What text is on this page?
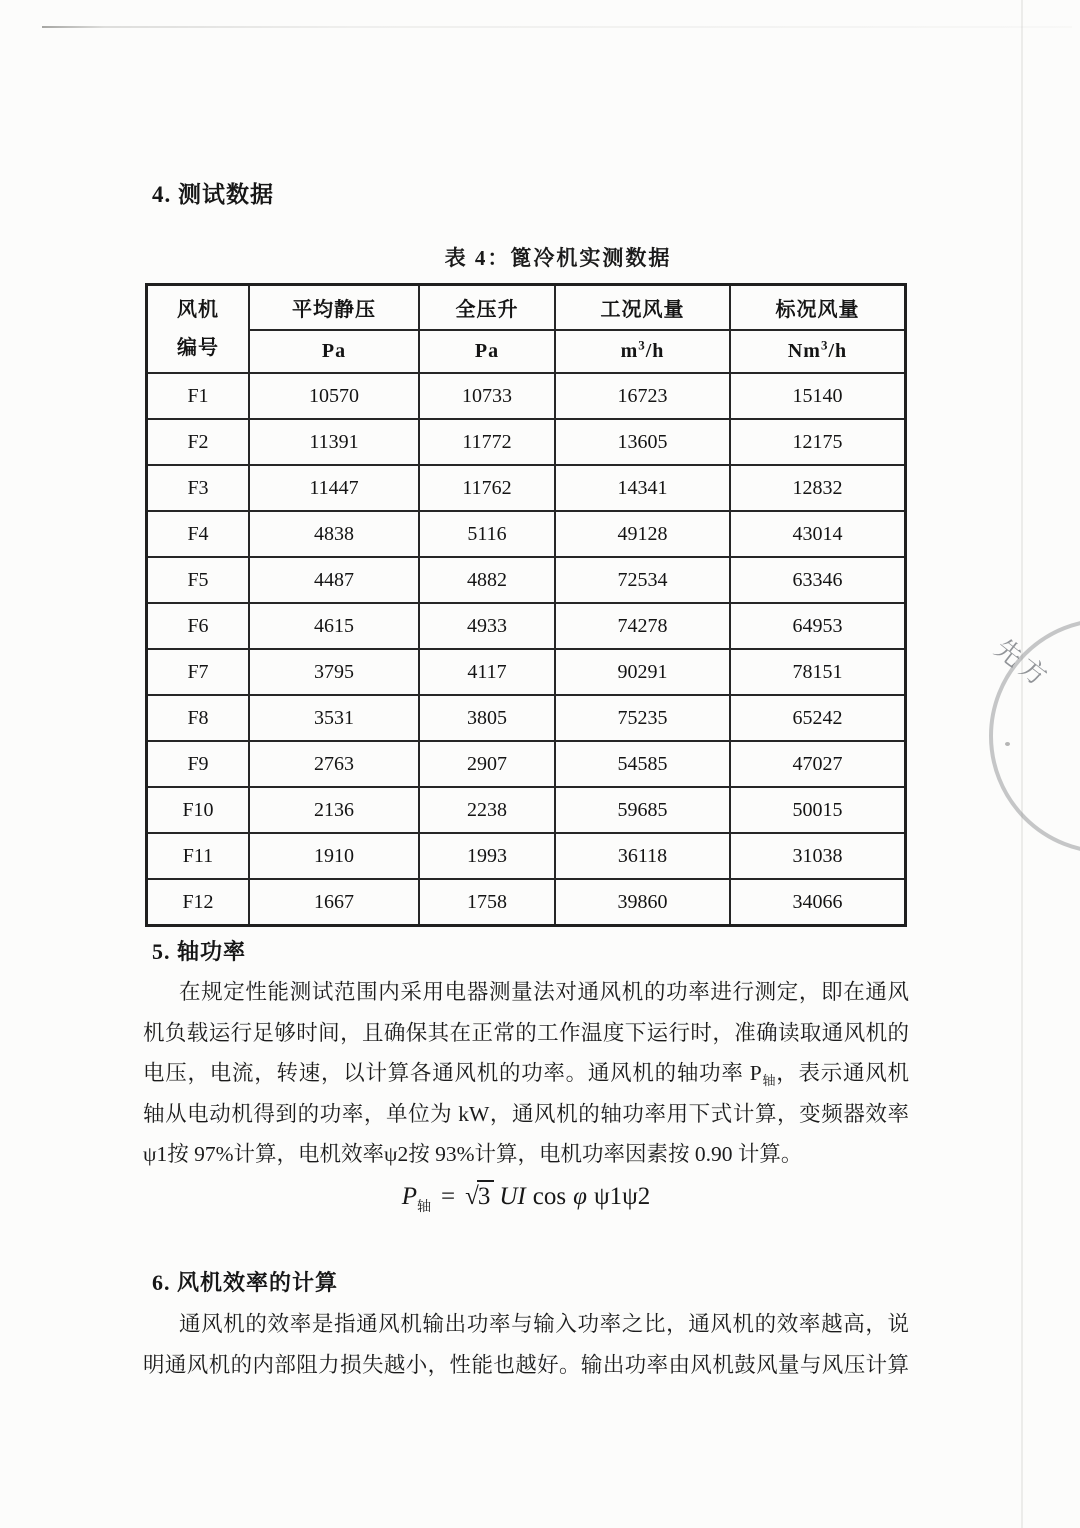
4. 测试数据
表 4：篦冷机实测数据
风机
编号	平均静压	全压升	工况风量	标况风量
	Pa	Pa	$m^3/h$	Nm$^3$/h
F1	10570	10733	16723	15140
F2	11391	11772	13605	12175
F3	11447	11762	14341	12832
F4	4838	5116	49128	43014
F5	4487	4882	72534	63346
F6	4615	4933	74278	64953
F7	3795	4117	90291	78151
F8	3531	3805	75235	65242
F9	2763	2907	54585	47027
F10	2136	2238	59685	50015
F11	1910	1993	36118	31038
F12	1667	1758	39860	34066
5. 轴功率
在规定性能测试范围内采用电器测量法对通风机的功率进行测定，即在通风
机负载运行足够时间，且确保其在正常的工作温度下运行时，准确读取通风机的
电压，电流，转速，以计算各通风机的功率。通风机的轴功率 $P_轴$，表示通风机
轴从电动机得到的功率，单位为 kW，通风机的轴功率用下式计算，变频器效率
ψ1按 97%计算，电机效率ψ2按 93%计算，电机功率因素按 0.90 计算。
$P_轴 = √3$ UI cos φ ψ1ψ2
6. 风机效率的计算
通风机的效率是指通风机输出功率与输入功率之比，通风机的效率越高，说
明通风机的内部阻力损失越小，性能也越好。输出功率由风机鼓风量与风压计算
先方
